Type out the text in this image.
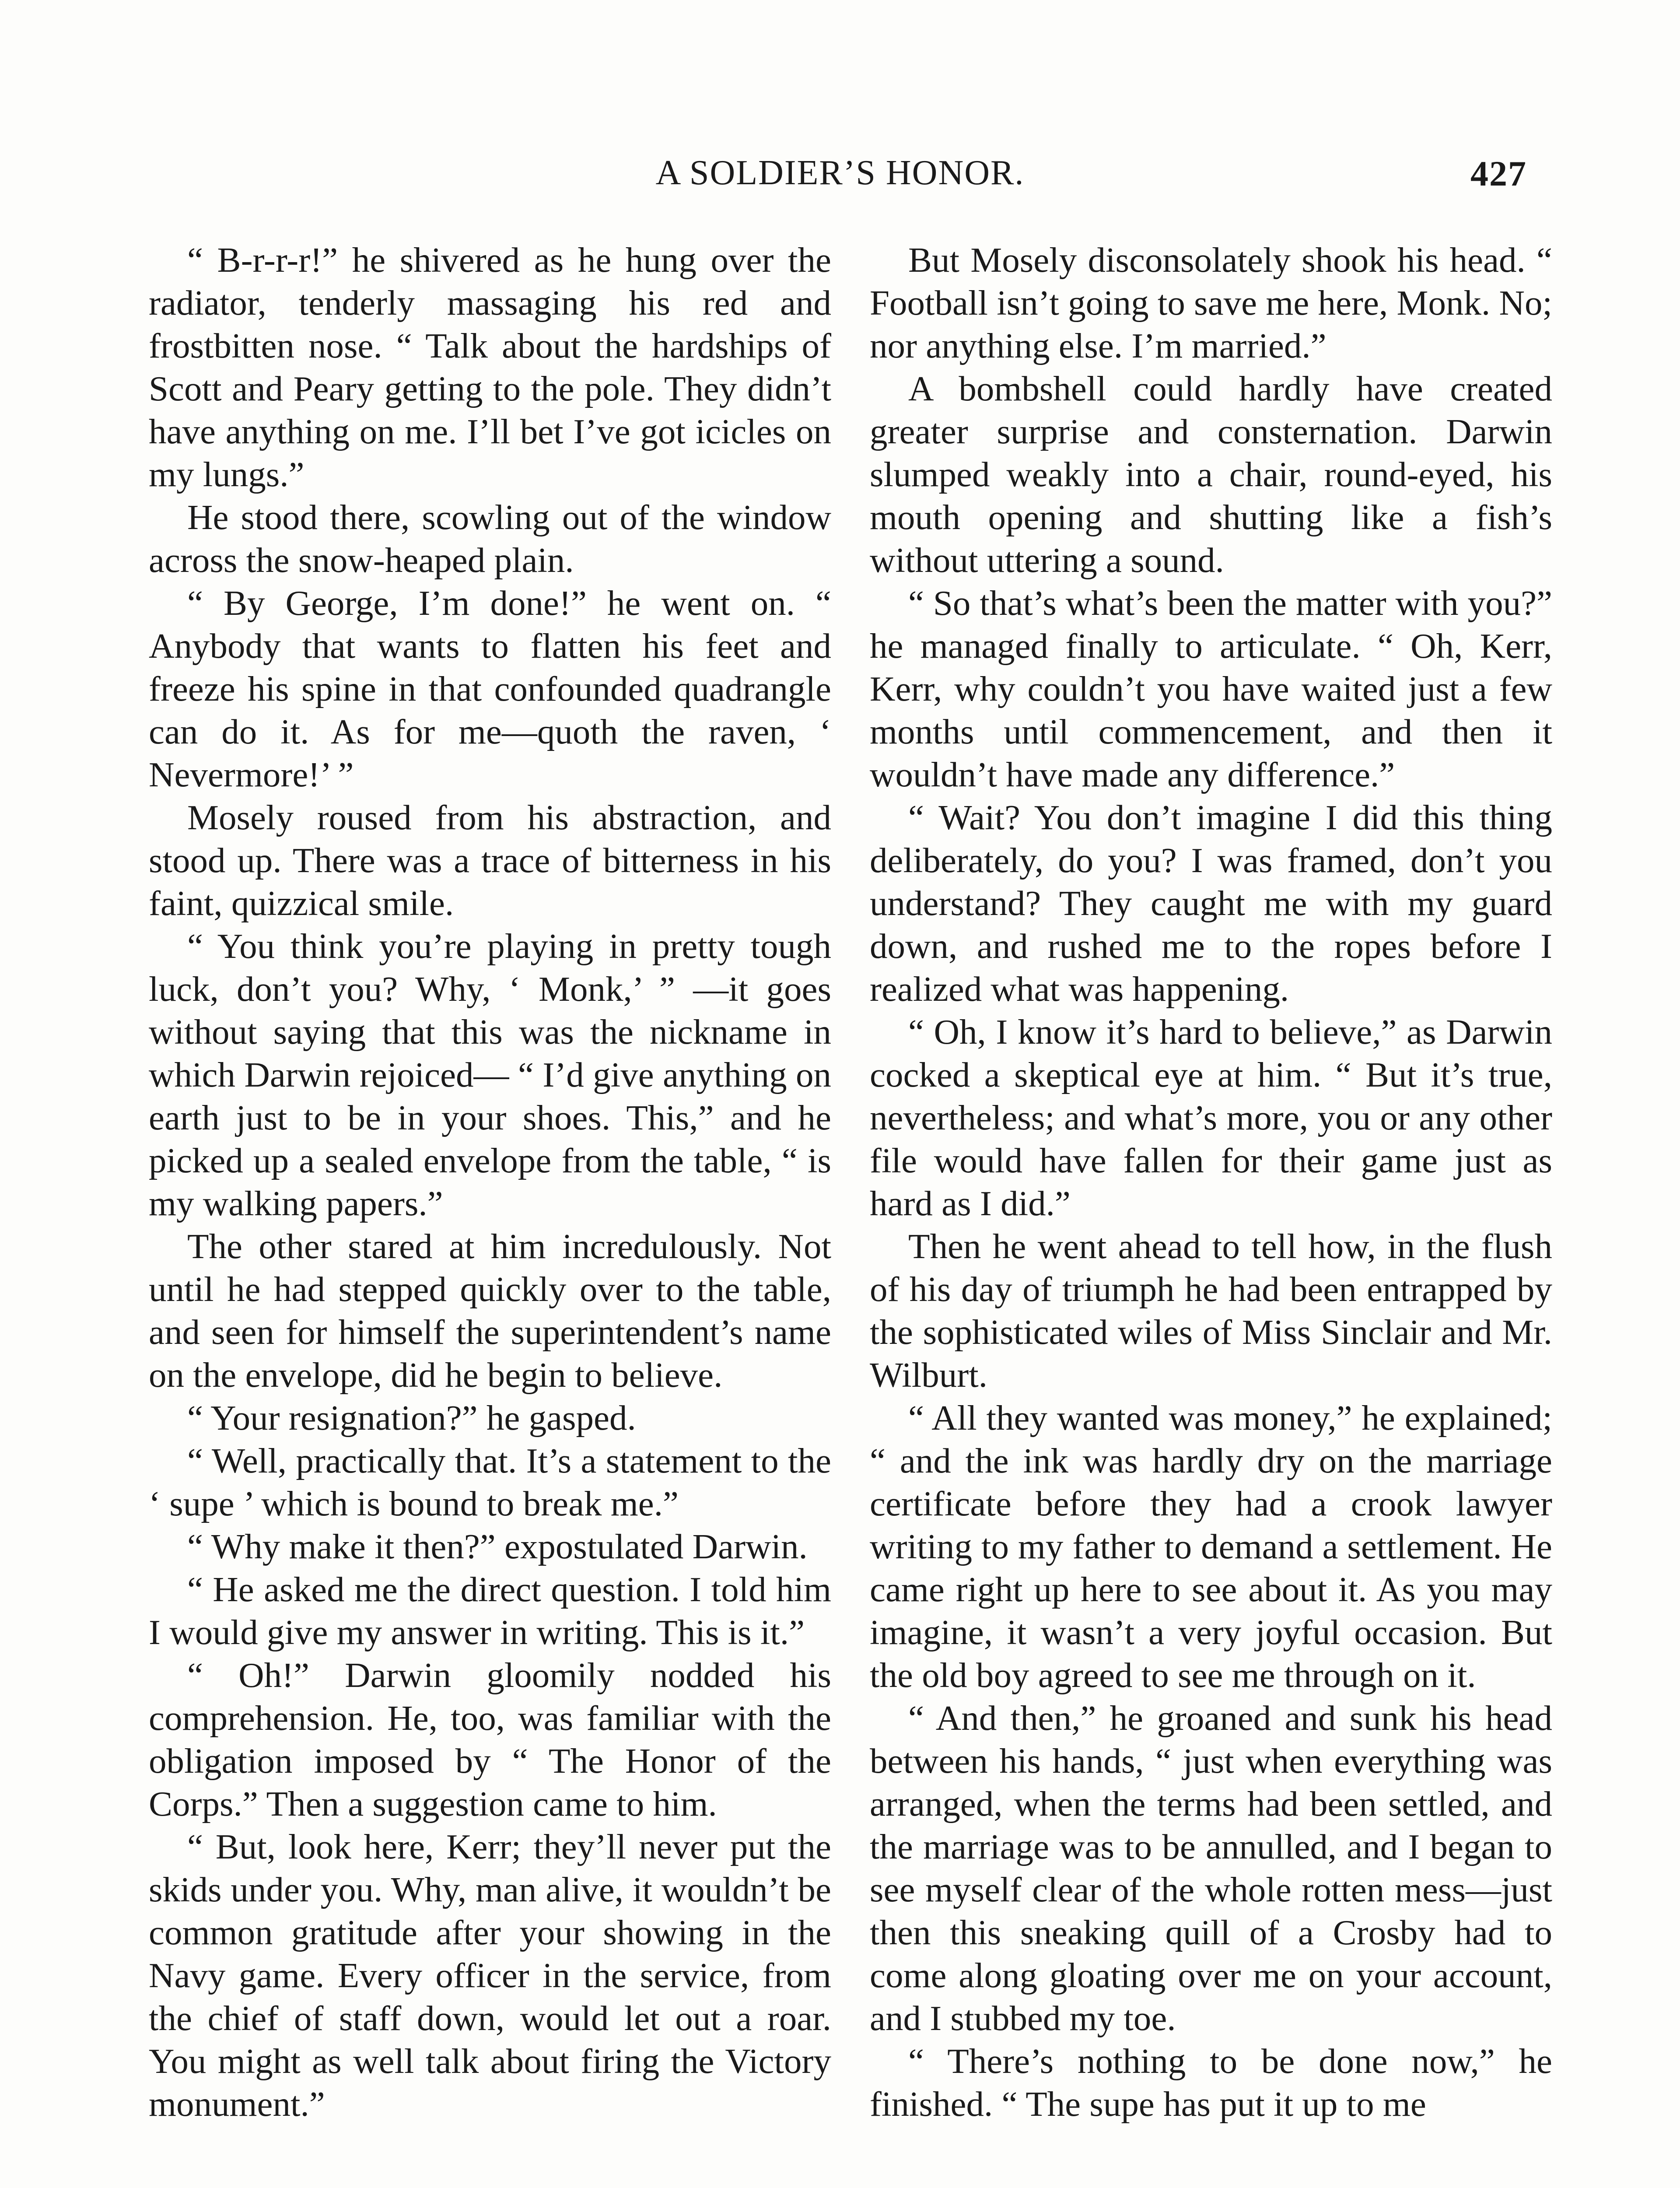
A SOLDIER’S HONOR.	427

“ B-r-r-r!” he shivered as he hung over the radiator, tenderly massaging his red and frostbitten nose. “ Talk about the hardships of Scott and Peary getting to the pole. They didn’t have anything on me. I’ll bet I’ve got icicles on my lungs.”

He stood there, scowling out of the window across the snow-heaped plain.

“ By George, I’m done!” he went on. “ Anybody that wants to flatten his feet and freeze his spine in that confounded quadrangle can do it. As for me—quoth the raven, ‘ Nevermore!’ ”

Mosely roused from his abstraction, and stood up. There was a trace of bitterness in his faint, quizzical smile.

“ You think you’re playing in pretty tough luck, don’t you? Why, ‘ Monk,’ ” —it goes without saying that this was the nickname in which Darwin rejoiced— “ I’d give anything on earth just to be in your shoes. This,” and he picked up a sealed envelope from the table, “ is my walking papers.”

The other stared at him incredulously. Not until he had stepped quickly over to the table, and seen for himself the superintendent’s name on the envelope, did he begin to believe.

“ Your resignation?” he gasped.

“ Well, practically that. It’s a statement to the ‘ supe ’ which is bound to break me.”

“ Why make it then?” expostulated Darwin.

“ He asked me the direct question. I told him I would give my answer in writing. This is it.”

“ Oh!” Darwin gloomily nodded his comprehension. He, too, was familiar with the obligation imposed by “ The Honor of the Corps.” Then a suggestion came to him.

“ But, look here, Kerr; they’ll never put the skids under you. Why, man alive, it wouldn’t be common gratitude after your showing in the Navy game. Every officer in the service, from the chief of staff down, would let out a roar. You might as well talk about firing the Victory monument.”

But Mosely disconsolately shook his head. “ Football isn’t going to save me here, Monk. No; nor anything else. I’m married.”

A bombshell could hardly have created greater surprise and consternation. Darwin slumped weakly into a chair, round-eyed, his mouth opening and shutting like a fish’s without uttering a sound.

“ So that’s what’s been the matter with you?” he managed finally to articulate. “ Oh, Kerr, Kerr, why couldn’t you have waited just a few months until commencement, and then it wouldn’t have made any difference.”

“ Wait? You don’t imagine I did this thing deliberately, do you? I was framed, don’t you understand? They caught me with my guard down, and rushed me to the ropes before I realized what was happening.

“ Oh, I know it’s hard to believe,” as Darwin cocked a skeptical eye at him. “ But it’s true, nevertheless; and what’s more, you or any other file would have fallen for their game just as hard as I did.”

Then he went ahead to tell how, in the flush of his day of triumph he had been entrapped by the sophisticated wiles of Miss Sinclair and Mr. Wilburt.

“ All they wanted was money,” he explained; “ and the ink was hardly dry on the marriage certificate before they had a crook lawyer writing to my father to demand a settlement. He came right up here to see about it. As you may imagine, it wasn’t a very joyful occasion. But the old boy agreed to see me through on it.

“ And then,” he groaned and sunk his head between his hands, “ just when everything was arranged, when the terms had been settled, and the marriage was to be annulled, and I began to see myself clear of the whole rotten mess—just then this sneaking quill of a Crosby had to come along gloating over me on your account, and I stubbed my toe.

“ There’s nothing to be done now,” he finished. “ The supe has put it up to me
